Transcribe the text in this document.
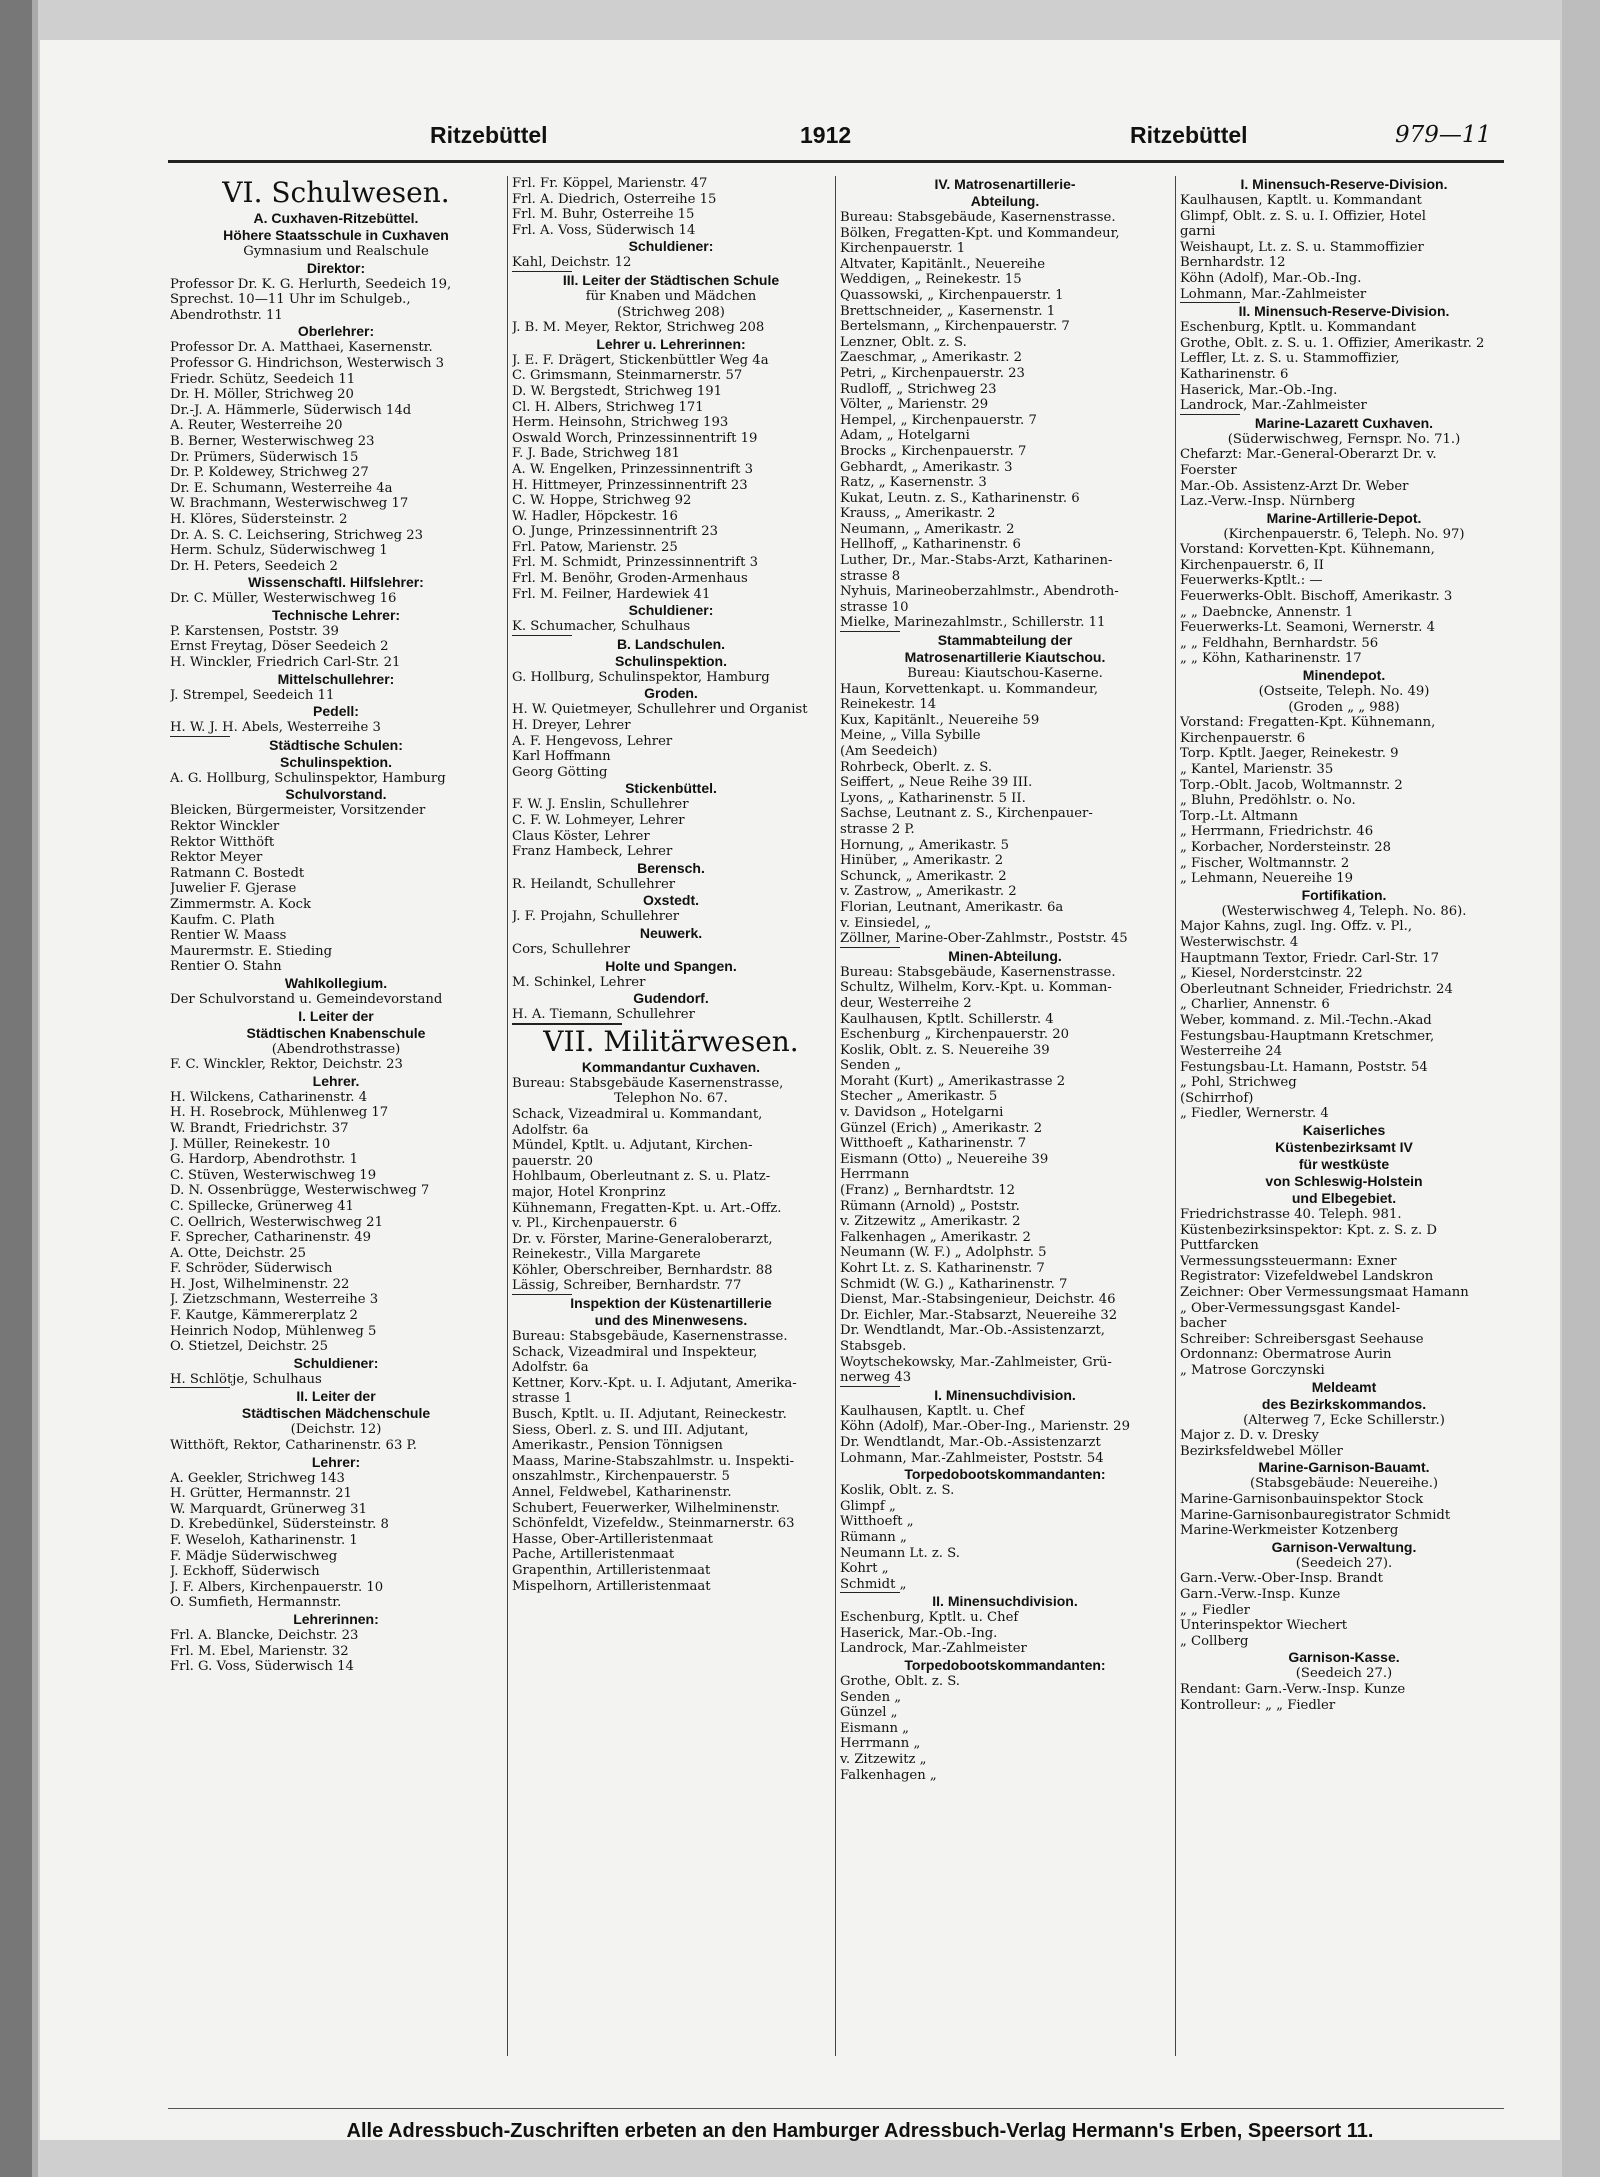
Ritzebüttel	1912	Ritzebüttel	979—11

VI. Schulwesen.

A. Cuxhaven-Ritzebüttel.

Höhere Staatsschule in Cuxhaven

Gymnasium und Realschule

Direktor:

Professor Dr. K. G. Herlurth, Seedeich 19,

Sprechst. 10—11 Uhr im Schulgeb.,

Abendrothstr. 11

Oberlehrer:

Professor Dr. A. Matthaei, Kasernenstr.

Professor G. Hindrichson, Westerwisch 3

Friedr. Schütz, Seedeich 11

Dr. H. Möller, Strichweg 20

Dr.-J. A. Hämmerle, Süderwisch 14d

A. Reuter, Westerreihe 20

B. Berner, Westerwischweg 23

Dr. Prümers, Süderwisch 15

Dr. P. Koldewey, Strichweg 27

Dr. E. Schumann, Westerreihe 4a

W. Brachmann, Westerwischweg 17

H. Klöres, Südersteinstr. 2

Dr. A. S. C. Leichsering, Strichweg 23

Herm. Schulz, Süderwischweg 1

Dr. H. Peters, Seedeich 2

Wissenschaftl. Hilfslehrer:

Dr. C. Müller, Westerwischweg 16

Technische Lehrer:

P. Karstensen, Poststr. 39

Ernst Freytag, Döser Seedeich 2

H. Winckler, Friedrich Carl-Str. 21

Mittelschullehrer:

J. Strempel, Seedeich 11

Pedell:

H. W. J. H. Abels, Westerreihe 3

Städtische Schulen:

Schulinspektion.

A. G. Hollburg, Schulinspektor, Hamburg

Schulvorstand.

Bleicken, Bürgermeister, Vorsitzender

Rektor Winckler

Rektor Witthöft

Rektor Meyer

Ratmann C. Bostedt

Juwelier F. Gjerase

Zimmermstr. A. Kock

Kaufm. C. Plath

Rentier W. Maass

Maurermstr. E. Stieding

Rentier O. Stahn

Wahlkollegium.

Der Schulvorstand u. Gemeindevorstand

I. Leiter der

Städtischen Knabenschule

(Abendrothstrasse)

F. C. Winckler, Rektor, Deichstr. 23

Lehrer.

H. Wilckens, Catharinenstr. 4

H. H. Rosebrock, Mühlenweg 17

W. Brandt, Friedrichstr. 37

J. Müller, Reinekestr. 10

G. Hardorp, Abendrothstr. 1

C. Stüven, Westerwischweg 19

D. N. Ossenbrügge, Westerwischweg 7

C. Spillecke, Grünerweg 41

C. Oellrich, Westerwischweg 21

F. Sprecher, Catharinenstr. 49

A. Otte, Deichstr. 25

F. Schröder, Süderwisch

H. Jost, Wilhelminenstr. 22

J. Zietzschmann, Westerreihe 3

F. Kautge, Kämmererplatz 2

Heinrich Nodop, Mühlenweg 5

O. Stietzel, Deichstr. 25

Schuldiener:

H. Schlötje, Schulhaus

II. Leiter der

Städtischen Mädchenschule

(Deichstr. 12)

Witthöft, Rektor, Catharinenstr. 63 P.

Lehrer:

A. Geekler, Strichweg 143

H. Grütter, Hermannstr. 21

W. Marquardt, Grünerweg 31

D. Krebedünkel, Südersteinstr. 8

F. Weseloh, Katharinenstr. 1

F. Mädje Süderwischweg

J. Eckhoff, Süderwisch

J. F. Albers, Kirchenpauerstr. 10

O. Sumfieth, Hermannstr.

Lehrerinnen:

Frl. A. Blancke, Deichstr. 23

Frl. M. Ebel, Marienstr. 32

Frl. G. Voss, Süderwisch 14

Frl. Fr. Köppel, Marienstr. 47

Frl. A. Diedrich, Osterreihe 15

Frl. M. Buhr, Osterreihe 15

Frl. A. Voss, Süderwisch 14

Schuldiener:

Kahl, Deichstr. 12

III. Leiter der Städtischen Schule

für Knaben und Mädchen

(Strichweg 208)

J. B. M. Meyer, Rektor, Strichweg 208

Lehrer u. Lehrerinnen:

J. E. F. Drägert, Stickenbüttler Weg 4a

C. Grimsmann, Steinmarnerstr. 57

D. W. Bergstedt, Strichweg 191

Cl. H. Albers, Strichweg 171

Herm. Heinsohn, Strichweg 193

Oswald Worch, Prinzessinnentrift 19

F. J. Bade, Strichweg 181

A. W. Engelken, Prinzessinnentrift 3

H. Hittmeyer, Prinzessinnentrift 23

C. W. Hoppe, Strichweg 92

W. Hadler, Höpckestr. 16

O. Junge, Prinzessinnentrift 23

Frl. Patow, Marienstr. 25

Frl. M. Schmidt, Prinzessinnentrift 3

Frl. M. Benöhr, Groden-Armenhaus

Frl. M. Feilner, Hardewiek 41

Schuldiener:

K. Schumacher, Schulhaus

B. Landschulen.

Schulinspektion.

G. Hollburg, Schulinspektor, Hamburg

Groden.

H. W. Quietmeyer, Schullehrer und Organist

H. Dreyer, Lehrer

A. F. Hengevoss, Lehrer

Karl Hoffmann

Georg Götting

Stickenbüttel.

F. W. J. Enslin, Schullehrer

C. F. W. Lohmeyer, Lehrer

Claus Köster, Lehrer

Franz Hambeck, Lehrer

Berensch.

R. Heilandt, Schullehrer

Oxstedt.

J. F. Projahn, Schullehrer

Neuwerk.

Cors, Schullehrer

Holte und Spangen.

M. Schinkel, Lehrer

Gudendorf.

H. A. Tiemann, Schullehrer

VII. Militärwesen.

Kommandantur Cuxhaven.

Bureau: Stabsgebäude Kasernenstrasse,

Telephon No. 67.

Schack, Vizeadmiral u. Kommandant,

Adolfstr. 6a

Mündel, Kptlt. u. Adjutant, Kirchen-

pauerstr. 20

Hohlbaum, Oberleutnant z. S. u. Platz-

major, Hotel Kronprinz

Kühnemann, Fregatten-Kpt. u. Art.-Offz.

v. Pl., Kirchenpauerstr. 6

Dr. v. Förster, Marine-Generaloberarzt,

Reinekestr., Villa Margarete

Köhler, Oberschreiber, Bernhardstr. 88

Lässig, Schreiber, Bernhardstr. 77

Inspektion der Küstenartillerie

und des Minenwesens.

Bureau: Stabsgebäude, Kasernenstrasse.

Schack, Vizeadmiral und Inspekteur,

Adolfstr. 6a

Kettner, Korv.-Kpt. u. I. Adjutant, Amerika-

strasse 1

Busch, Kptlt. u. II. Adjutant, Reineckestr.

Siess, Oberl. z. S. und III. Adjutant,

Amerikastr., Pension Tönnigsen

Maass, Marine-Stabszahlmstr. u. Inspekti-

onszahlmstr., Kirchenpauerstr. 5

Annel, Feldwebel, Katharinenstr.

Schubert, Feuerwerker, Wilhelminenstr.

Schönfeldt, Vizefeldw., Steinmarnerstr. 63

Hasse, Ober-Artilleristenmaat

Pache, Artilleristenmaat

Grapenthin, Artilleristenmaat

Mispelhorn, Artilleristenmaat

IV. Matrosenartillerie-

Abteilung.

Bureau: Stabsgebäude, Kasernenstrasse.

Bölken, Fregatten-Kpt. und Kommandeur,

Kirchenpauerstr. 1

Altvater, Kapitänlt., Neuereihe

Weddigen, „ Reinekestr. 15

Quassowski, „ Kirchenpauerstr. 1

Brettschneider, „ Kasernenstr. 1

Bertelsmann, „ Kirchenpauerstr. 7

Lenzner, Oblt. z. S.

Zaeschmar, „ Amerikastr. 2

Petri, „ Kirchenpauerstr. 23

Rudloff, „ Strichweg 23

Völter, „ Marienstr. 29

Hempel, „ Kirchenpauerstr. 7

Adam, „ Hotelgarni

Brocks „ Kirchenpauerstr. 7

Gebhardt, „ Amerikastr. 3

Ratz, „ Kasernenstr. 3

Kukat, Leutn. z. S., Katharinenstr. 6

Krauss, „ Amerikastr. 2

Neumann, „ Amerikastr. 2

Hellhoff, „ Katharinenstr. 6

Luther, Dr., Mar.-Stabs-Arzt, Katharinen-

strasse 8

Nyhuis, Marineoberzahlmstr., Abendroth-

strasse 10

Mielke, Marinezahlmstr., Schillerstr. 11

Stammabteilung der

Matrosenartillerie Kiautschou.

Bureau: Kiautschou-Kaserne.

Haun, Korvettenkapt. u. Kommandeur,

Reinekestr. 14

Kux, Kapitänlt., Neuereihe 59

Meine, „ Villa Sybille

(Am Seedeich)

Rohrbeck, Oberlt. z. S.

Seiffert, „ Neue Reihe 39 III.

Lyons, „ Katharinenstr. 5 II.

Sachse, Leutnant z. S., Kirchenpauer-

strasse 2 P.

Hornung, „ Amerikastr. 5

Hinüber, „ Amerikastr. 2

Schunck, „ Amerikastr. 2

v. Zastrow, „ Amerikastr. 2

Florian, Leutnant, Amerikastr. 6a

v. Einsiedel, „

Zöllner, Marine-Ober-Zahlmstr., Poststr. 45

Minen-Abteilung.

Bureau: Stabsgebäude, Kasernenstrasse.

Schultz, Wilhelm, Korv.-Kpt. u. Komman-

deur, Westerreihe 2

Kaulhausen, Kptlt. Schillerstr. 4

Eschenburg „ Kirchenpauerstr. 20

Koslik, Oblt. z. S. Neuereihe 39

Senden „

Moraht (Kurt) „ Amerikastrasse 2

Stecher „ Amerikastr. 5

v. Davidson „ Hotelgarni

Günzel (Erich) „ Amerikastr. 2

Witthoeft „ Katharinenstr. 7

Eismann (Otto) „ Neuereihe 39

Herrmann

(Franz) „ Bernhardtstr. 12

Rümann (Arnold) „ Poststr.

v. Zitzewitz „ Amerikastr. 2

Falkenhagen „ Amerikastr. 2

Neumann (W. F.) „ Adolphstr. 5

Kohrt Lt. z. S. Katharinenstr. 7

Schmidt (W. G.) „ Katharinenstr. 7

Dienst, Mar.-Stabsingenieur, Deichstr. 46

Dr. Eichler, Mar.-Stabsarzt, Neuereihe 32

Dr. Wendtlandt, Mar.-Ob.-Assistenzarzt,

Stabsgeb.

Woytschekowsky, Mar.-Zahlmeister, Grü-

nerweg 43

I. Minensuchdivision.

Kaulhausen, Kaptlt. u. Chef

Köhn (Adolf), Mar.-Ober-Ing., Marienstr. 29

Dr. Wendtlandt, Mar.-Ob.-Assistenzarzt

Lohmann, Mar.-Zahlmeister, Poststr. 54

Torpedobootskommandanten:

Koslik, Oblt. z. S.

Glimpf „

Witthoeft „

Rümann „

Neumann Lt. z. S.

Kohrt „

Schmidt „

II. Minensuchdivision.

Eschenburg, Kptlt. u. Chef

Haserick, Mar.-Ob.-Ing.

Landrock, Mar.-Zahlmeister

Torpedobootskommandanten:

Grothe, Oblt. z. S.

Senden „

Günzel „

Eismann „

Herrmann „

v. Zitzewitz „

Falkenhagen „

I. Minensuch-Reserve-Division.

Kaulhausen, Kaptlt. u. Kommandant

Glimpf, Oblt. z. S. u. I. Offizier, Hotel

garni

Weishaupt, Lt. z. S. u. Stammoffizier

Bernhardstr. 12

Köhn (Adolf), Mar.-Ob.-Ing.

Lohmann, Mar.-Zahlmeister

II. Minensuch-Reserve-Division.

Eschenburg, Kptlt. u. Kommandant

Grothe, Oblt. z. S. u. 1. Offizier, Amerikastr. 2

Leffler, Lt. z. S. u. Stammoffizier,

Katharinenstr. 6

Haserick, Mar.-Ob.-Ing.

Landrock, Mar.-Zahlmeister

Marine-Lazarett Cuxhaven.

(Süderwischweg, Fernspr. No. 71.)

Chefarzt: Mar.-General-Oberarzt Dr. v.

Foerster

Mar.-Ob. Assistenz-Arzt Dr. Weber

Laz.-Verw.-Insp. Nürnberg

Marine-Artillerie-Depot.

(Kirchenpauerstr. 6, Teleph. No. 97)

Vorstand: Korvetten-Kpt. Kühnemann,

Kirchenpauerstr. 6, II

Feuerwerks-Kptlt.: —

Feuerwerks-Oblt. Bischoff, Amerikastr. 3

„ „ Daebncke, Annenstr. 1

Feuerwerks-Lt. Seamoni, Wernerstr. 4

„ „ Feldhahn, Bernhardstr. 56

„ „ Köhn, Katharinenstr. 17

Minendepot.

(Ostseite, Teleph. No. 49)

(Groden „ „ 988)

Vorstand: Fregatten-Kpt. Kühnemann,

Kirchenpauerstr. 6

Torp. Kptlt. Jaeger, Reinekestr. 9

„ Kantel, Marienstr. 35

Torp.-Oblt. Jacob, Woltmannstr. 2

„ Bluhn, Predöhlstr. o. No.

Torp.-Lt. Altmann

„ Herrmann, Friedrichstr. 46

„ Korbacher, Nordersteinstr. 28

„ Fischer, Woltmannstr. 2

„ Lehmann, Neuereihe 19

Fortifikation.

(Westerwischweg 4, Teleph. No. 86).

Major Kahns, zugl. Ing. Offz. v. Pl.,

Westerwischstr. 4

Hauptmann Textor, Friedr. Carl-Str. 17

„ Kiesel, Norderstcinstr. 22

Oberleutnant Schneider, Friedrichstr. 24

„ Charlier, Annenstr. 6

Weber, kommand. z. Mil.-Techn.-Akad

Festungsbau-Hauptmann Kretschmer,

Westerreihe 24

Festungsbau-Lt. Hamann, Poststr. 54

„ Pohl, Strichweg

(Schirrhof)

„ Fiedler, Wernerstr. 4

Kaiserliches

Küstenbezirksamt IV

für westküste

von Schleswig-Holstein

und Elbegebiet.

Friedrichstrasse 40. Teleph. 981.

Küstenbezirksinspektor: Kpt. z. S. z. D

Puttfarcken

Vermessungssteuermann: Exner

Registrator: Vizefeldwebel Landskron

Zeichner: Ober Vermessungsmaat Hamann

„ Ober-Vermessungsgast Kandel-

bacher

Schreiber: Schreibersgast Seehause

Ordonnanz: Obermatrose Aurin

„ Matrose Gorczynski

Meldeamt

des Bezirkskommandos.

(Alterweg 7, Ecke Schillerstr.)

Major z. D. v. Dresky

Bezirksfeldwebel Möller

Marine-Garnison-Bauamt.

(Stabsgebäude: Neuereihe.)

Marine-Garnisonbauinspektor Stock

Marine-Garnisonbauregistrator Schmidt

Marine-Werkmeister Kotzenberg

Garnison-Verwaltung.

(Seedeich 27).

Garn.-Verw.-Ober-Insp. Brandt

Garn.-Verw.-Insp. Kunze

„ „ Fiedler

Unterinspektor Wiechert

„ Collberg

Garnison-Kasse.

(Seedeich 27.)

Rendant: Garn.-Verw.-Insp. Kunze

Kontrolleur: „ „ Fiedler

Alle Adressbuch-Zuschriften erbeten an den Hamburger Adressbuch-Verlag Hermann's Erben, Speersort 11.
